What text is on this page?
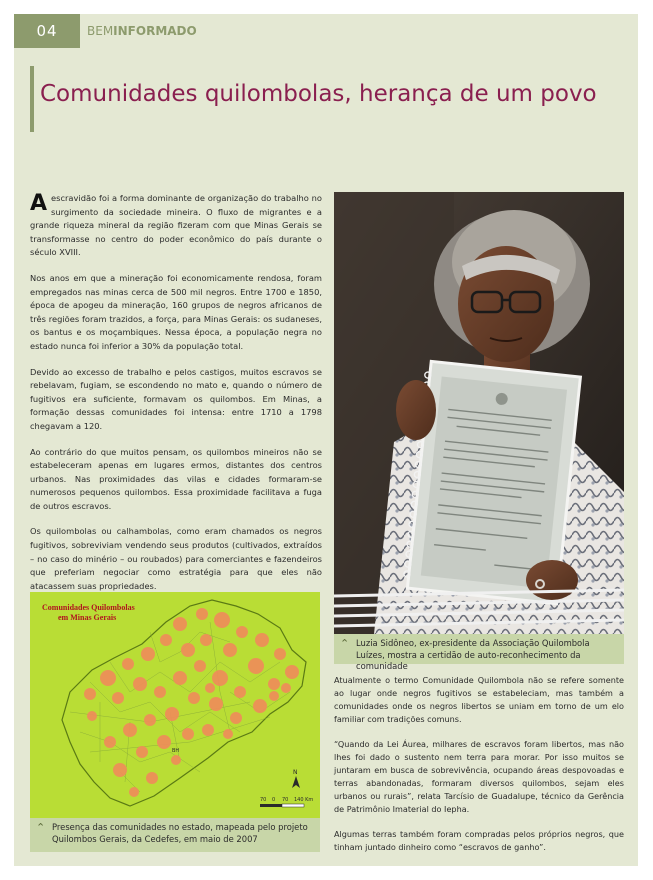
04	BEMINFORMADO
Comunidades quilombolas, herança de um povo

A escravidão foi a forma dominante de organização do trabalho no surgimento da sociedade mineira. O fluxo de migrantes e a grande riqueza mineral da região fizeram com que Minas Gerais se transformasse no centro do poder econômico do país durante o século XVIII.

Nos anos em que a mineração foi economicamente rendosa, foram empregados nas minas cerca de 500 mil negros. Entre 1700 e 1850, época de apogeu da mineração, 160 grupos de negros africanos de três regiões foram trazidos, a força, para Minas Gerais: os sudaneses, os bantus e os moçambiques. Nessa época, a população negra no estado nunca foi inferior a 30% da população total.

Devido ao excesso de trabalho e pelos castigos, muitos escravos se rebelavam, fugiam, se escondendo no mato e, quando o número de fugitivos era suficiente, formavam os quilombos. Em Minas, a formação dessas comunidades foi intensa: entre 1710 a 1798 chegavam a 120.

Ao contrário do que muitos pensam, os quilombos mineiros não se estabeleceram apenas em lugares ermos, distantes dos centros urbanos. Nas proximidades das vilas e cidades formaram-se numerosos pequenos quilombos. Essa proximidade facilitava a fuga de outros escravos.

Os quilombolas ou calhambolas, como eram chamados os negros fugitivos, sobreviviam vendendo seus produtos (cultivados, extraídos – no caso do minério – ou roubados) para comerciantes e fazendeiros que preferiam negociar como estratégia para que eles não atacassem suas propriedades.

⌃ Luzia Sidôneo, ex-presidente da Associação Quilombola Luízes, mostra a certidão de auto-reconhecimento da comunidade
Comunidades Quilombolas
em Minas Gerais
BH
N
70 0 70 140 Km
⌃ Presença das comunidades no estado, mapeada pelo projeto Quilombos Gerais, da Cedefes, em maio de 2007

Atualmente o termo Comunidade Quilombola não se refere somente ao lugar onde negros fugitivos se estabeleciam, mas também a comunidades onde os negros libertos se uniam em torno de um elo familiar com tradições comuns.

“Quando da Lei Áurea, milhares de escravos foram libertos, mas não lhes foi dado o sustento nem terra para morar. Por isso muitos se juntaram em busca de sobrevivência, ocupando áreas despovoadas e terras abandonadas, formaram diversos quilombos, sejam eles urbanos ou rurais”, relata Tarcísio de Guadalupe, técnico da Gerência de Patrimônio Imaterial do Iepha.

Algumas terras também foram compradas pelos próprios negros, que tinham juntado dinheiro como “escravos de ganho”.
